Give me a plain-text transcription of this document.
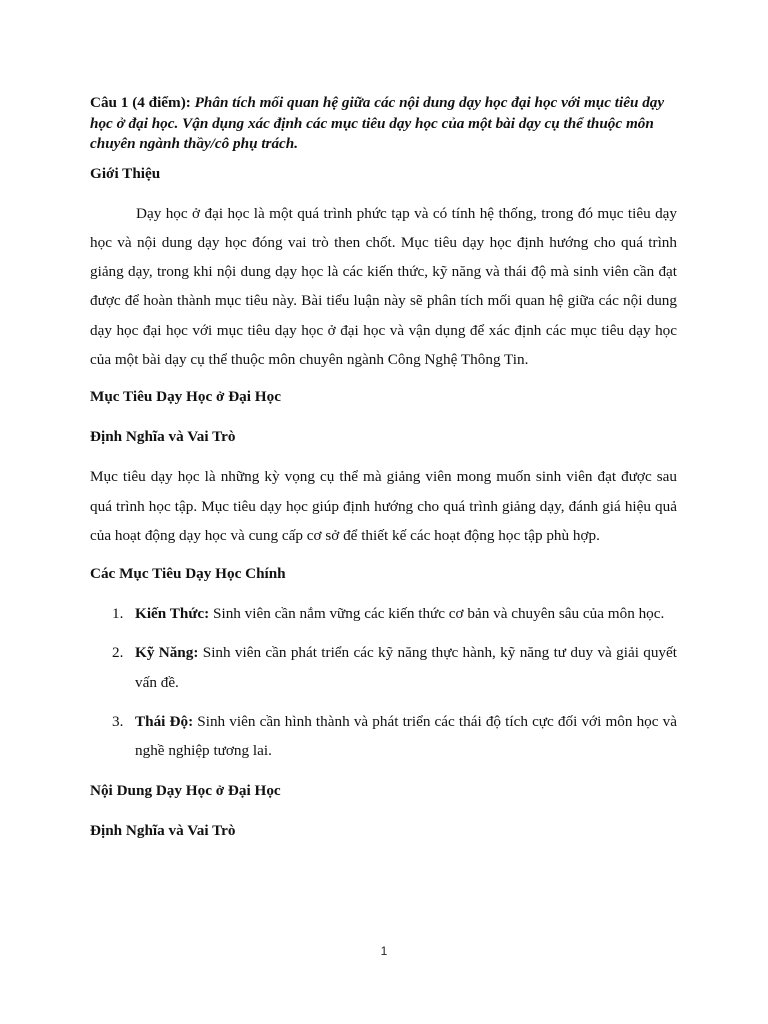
Câu 1 (4 điểm): Phân tích mối quan hệ giữa các nội dung dạy học đại học với mục tiêu dạy học ở đại học. Vận dụng xác định các mục tiêu dạy học của một bài dạy cụ thể thuộc môn chuyên ngành thầy/cô phụ trách.

Giới Thiệu

Dạy học ở đại học là một quá trình phức tạp và có tính hệ thống, trong đó mục tiêu dạy học và nội dung dạy học đóng vai trò then chốt. Mục tiêu dạy học định hướng cho quá trình giảng dạy, trong khi nội dung dạy học là các kiến thức, kỹ năng và thái độ mà sinh viên cần đạt được để hoàn thành mục tiêu này. Bài tiểu luận này sẽ phân tích mối quan hệ giữa các nội dung dạy học đại học với mục tiêu dạy học ở đại học và vận dụng để xác định các mục tiêu dạy học của một bài dạy cụ thể thuộc môn chuyên ngành Công Nghệ Thông Tin.

Mục Tiêu Dạy Học ở Đại Học

Định Nghĩa và Vai Trò

Mục tiêu dạy học là những kỳ vọng cụ thể mà giảng viên mong muốn sinh viên đạt được sau quá trình học tập. Mục tiêu dạy học giúp định hướng cho quá trình giảng dạy, đánh giá hiệu quả của hoạt động dạy học và cung cấp cơ sở để thiết kế các hoạt động học tập phù hợp.

Các Mục Tiêu Dạy Học Chính

1. Kiến Thức: Sinh viên cần nắm vững các kiến thức cơ bản và chuyên sâu của môn học.
2. Kỹ Năng: Sinh viên cần phát triển các kỹ năng thực hành, kỹ năng tư duy và giải quyết vấn đề.
3. Thái Độ: Sinh viên cần hình thành và phát triển các thái độ tích cực đối với môn học và nghề nghiệp tương lai.

Nội Dung Dạy Học ở Đại Học

Định Nghĩa và Vai Trò

1
